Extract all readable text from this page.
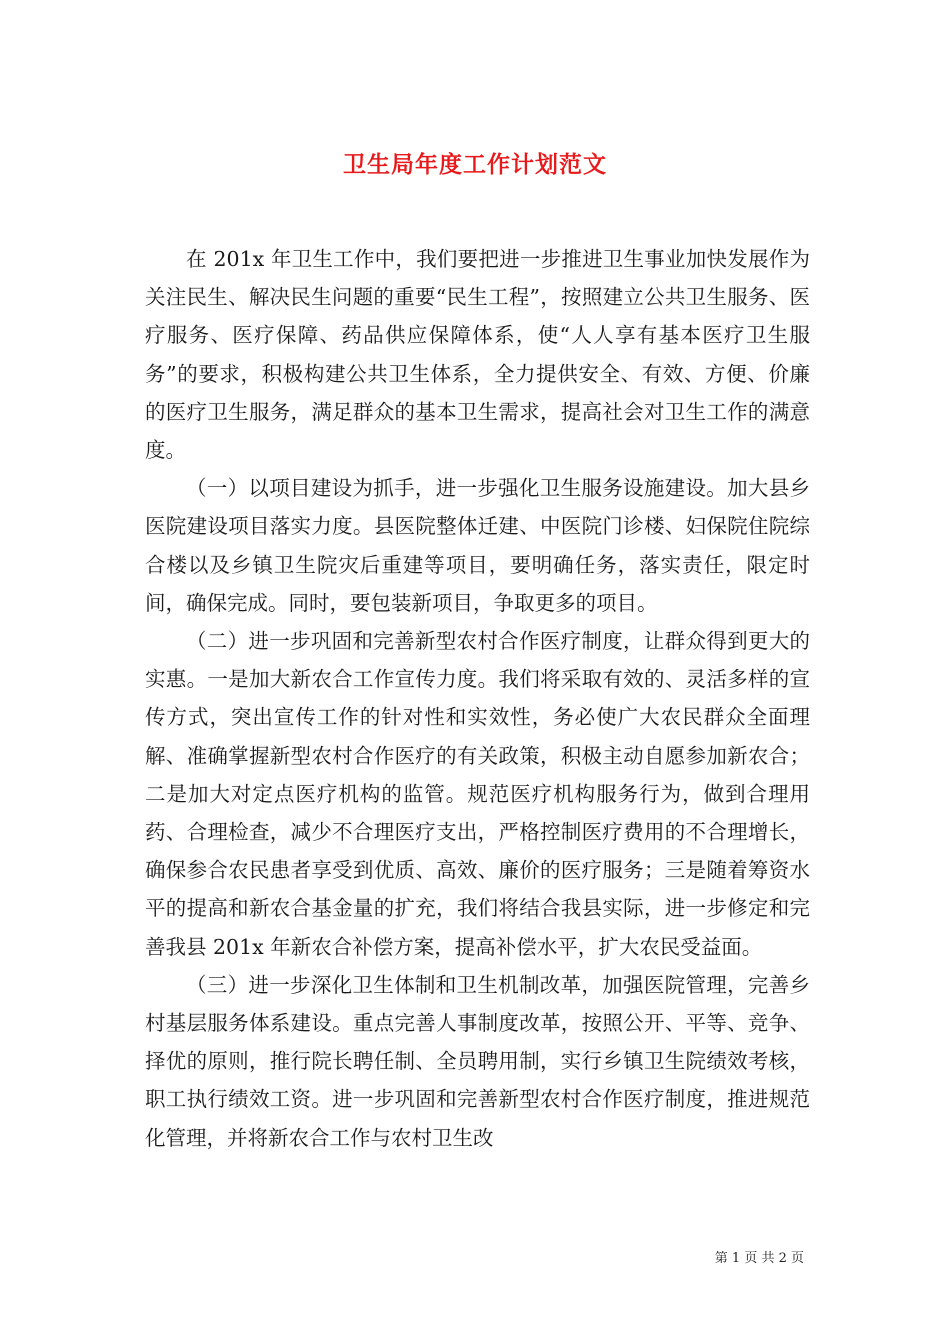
卫生局年度工作计划范文

在 201x 年卫生工作中，我们要把进一步推进卫生事业加快发展作为关注民生、解决民生问题的重要“民生工程”，按照建立公共卫生服务、医疗服务、医疗保障、药品供应保障体系，使“人人享有基本医疗卫生服务”的要求，积极构建公共卫生体系，全力提供安全、有效、方便、价廉的医疗卫生服务，满足群众的基本卫生需求，提高社会对卫生工作的满意度。

（一）以项目建设为抓手，进一步强化卫生服务设施建设。加大县乡医院建设项目落实力度。县医院整体迁建、中医院门诊楼、妇保院住院综合楼以及乡镇卫生院灾后重建等项目，要明确任务，落实责任，限定时间，确保完成。同时，要包装新项目，争取更多的项目。

（二）进一步巩固和完善新型农村合作医疗制度，让群众得到更大的实惠。一是加大新农合工作宣传力度。我们将采取有效的、灵活多样的宣传方式，突出宣传工作的针对性和实效性，务必使广大农民群众全面理解、准确掌握新型农村合作医疗的有关政策，积极主动自愿参加新农合；二是加大对定点医疗机构的监管。规范医疗机构服务行为，做到合理用药、合理检查，减少不合理医疗支出，严格控制医疗费用的不合理增长，确保参合农民患者享受到优质、高效、廉价的医疗服务；三是随着筹资水平的提高和新农合基金量的扩充，我们将结合我县实际，进一步修定和完善我县 201x 年新农合补偿方案，提高补偿水平，扩大农民受益面。

（三）进一步深化卫生体制和卫生机制改革，加强医院管理，完善乡村基层服务体系建设。重点完善人事制度改革，按照公开、平等、竞争、择优的原则，推行院长聘任制、全员聘用制，实行乡镇卫生院绩效考核，职工执行绩效工资。进一步巩固和完善新型农村合作医疗制度，推进规范化管理，并将新农合工作与农村卫生改

第 1 页 共 2 页
